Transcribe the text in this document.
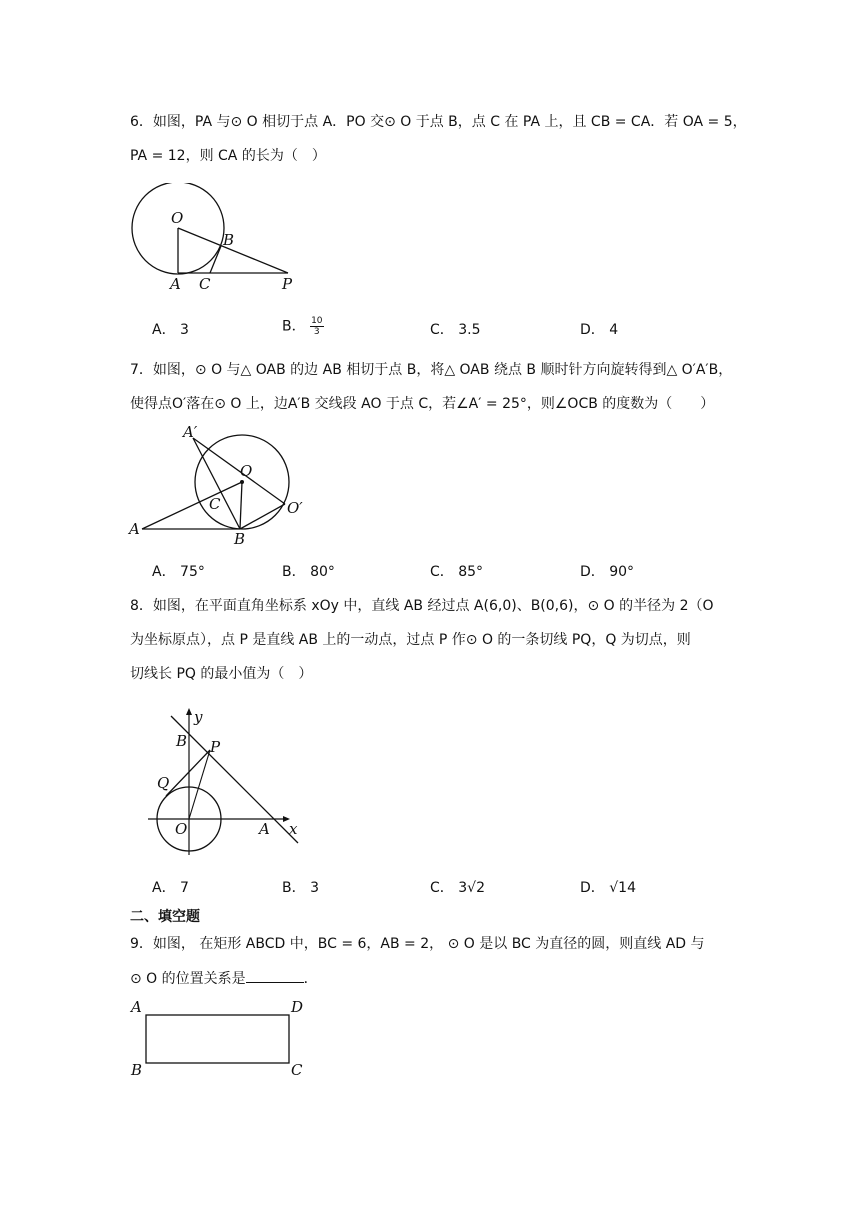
6．如图，PA 与⊙ O 相切于点 A．PO 交⊙ O 于点 B，点 C 在 PA 上，且 CB = CA．若 OA = 5，
PA = 12，则 CA 的长为（　）
O
B
A C	P
A． 3	B． $\frac{10}{3}$	C． 3.5	D． 4
7．如图，⊙ O 与△ OAB 的边 AB 相切于点 B，将△ OAB 绕点 B 顺时针方向旋转得到△ O′A′B，
使得点O′落在⊙ O 上，边A′B 交线段 AO 于点 C，若∠A′ = 25°，则∠OCB 的度数为（　　）
A′
O
C	O′
A
B
A． 75°	B． 80°	C． 85°	D． 90°
8．如图，在平面直角坐标系 xOy 中，直线 AB 经过点 A(6,0)、B(0,6)，⊙ O 的半径为 2（O
为坐标原点），点 P 是直线 AB 上的一动点，过点 P 作⊙ O 的一条切线 PQ，Q 为切点，则
切线长 PQ 的最小值为（　）
y
B P
Q
O	A x
A． 7	B． 3	C． 3√2	D． √14
二、填空题
9．如图， 在矩形 ABCD 中，BC = 6，AB = 2， ⊙ O 是以 BC 为直径的圆，则直线 AD 与
⊙ O 的位置关系是	．
A	D
B	C
